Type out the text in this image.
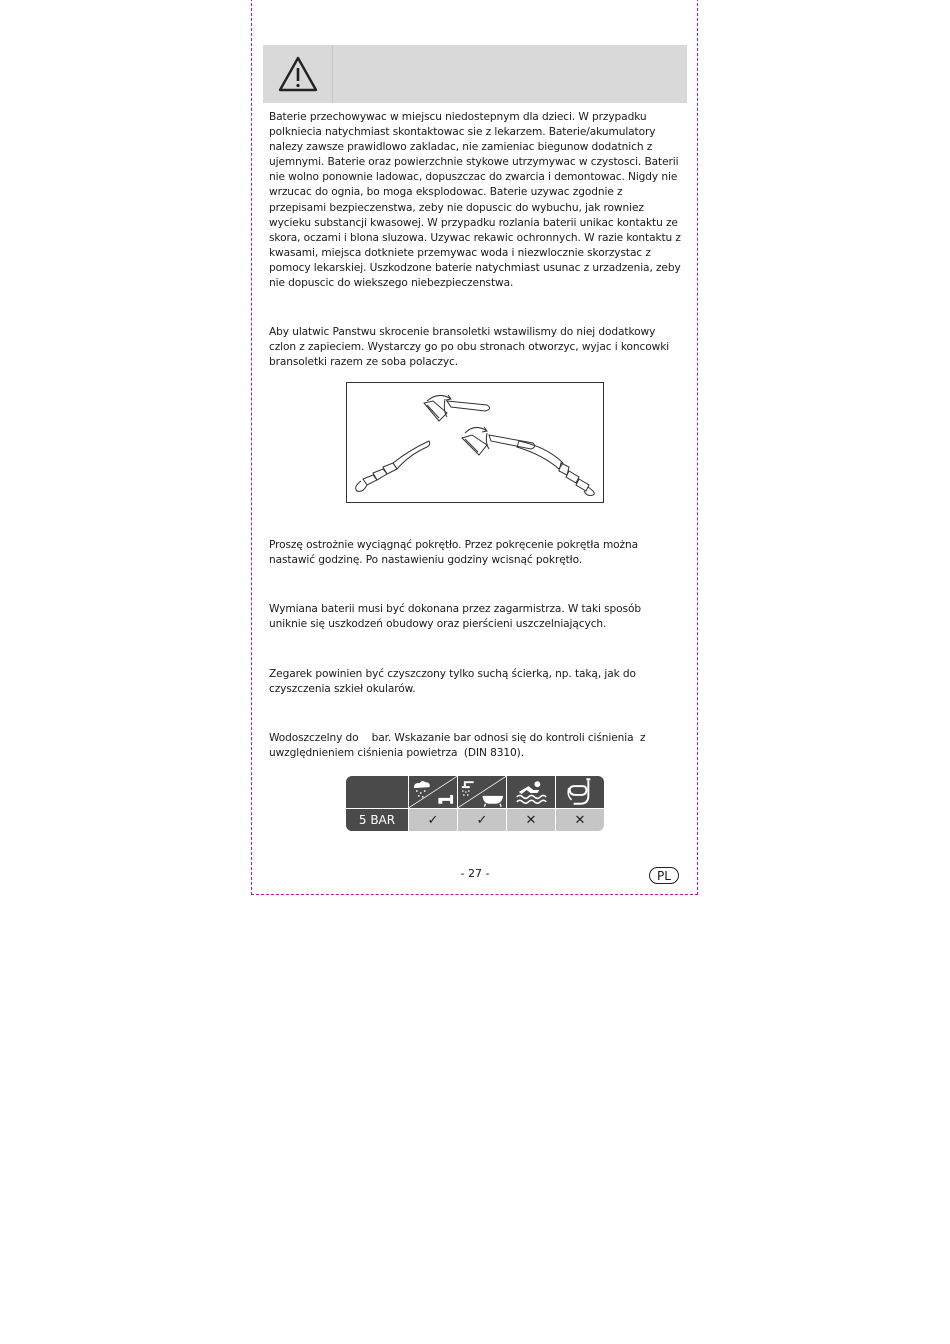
Baterie przechowywac w miejscu niedostepnym dla dzieci. W przypadku polkniecia natychmiast skontaktowac sie z lekarzem. Baterie/akumulatory nalezy zawsze prawidlowo zakladac, nie zamieniac biegunow dodatnich z ujemnymi. Baterie oraz powierzchnie stykowe utrzymywac w czystosci. Baterii nie wolno ponownie ladowac, dopuszczac do zwarcia i demontowac. Nigdy nie wrzucac do ognia, bo moga eksplodowac. Baterie uzywac zgodnie z przepisami bezpieczenstwa, zeby nie dopuscic do wybuchu, jak rowniez wycieku substancji kwasowej. W przypadku rozlania baterii unikac kontaktu ze skora, oczami i blona sluzowa. Uzywac rekawic ochronnych. W razie kontaktu z kwasami, miejsca dotkniete przemywac woda i niezwlocznie skorzystac z pomocy lekarskiej. Uszkodzone baterie natychmiast usunac z urzadzenia, zeby nie dopuscic do wiekszego niebezpieczenstwa.

Aby ulatwic Panstwu skrocenie bransoletki wstawilismy do niej dodatkowy czlon z zapieciem. Wystarczy go po obu stronach otworzyc, wyjac i koncowki bransoletki razem ze soba polaczyc.

Proszę ostrożnie wyciągnąć pokrętło. Przez pokręcenie pokrętła można nastawić godzinę. Po nastawieniu godziny wcisnąć pokrętło.

Wymiana baterii musi być dokonana przez zagarmistrza. W taki sposób uniknie się uszkodzeń obudowy oraz pierścieni uszczelniających.

Zegarek powinien być czyszczony tylko suchą ścierką, np. taką, jak do czyszczenia szkieł okularów.

Wodoszczelny do    bar. Wskazanie bar odnosi się do kontroli ciśnienia  z uwzględnieniem ciśnienia powietrza  (DIN 8310).

5 BAR	✓	✓	✕	✕
- 27 -	PL
